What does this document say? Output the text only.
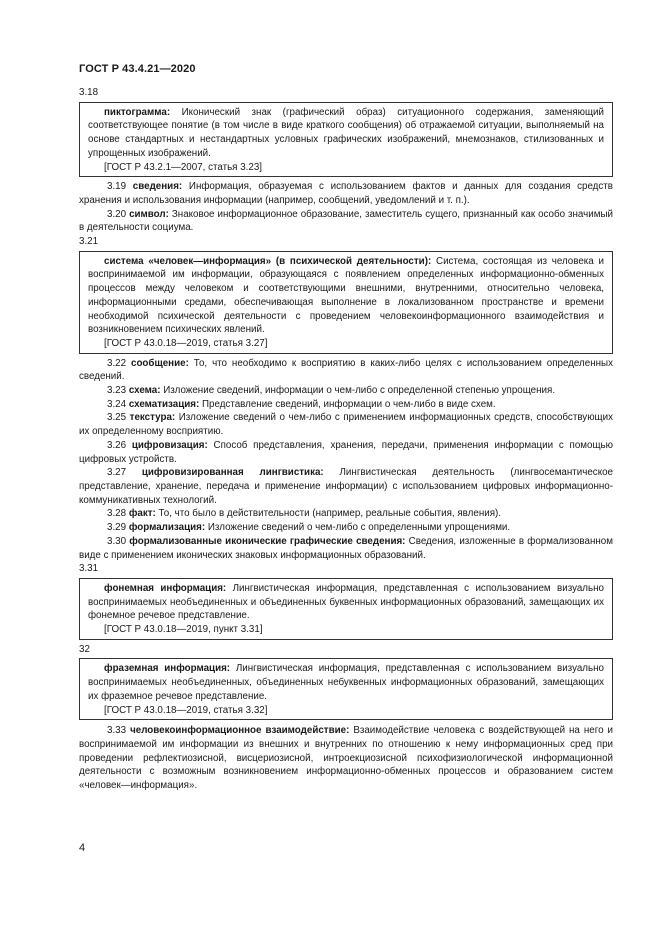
ГОСТ Р 43.4.21—2020

3.18

пиктограмма: Иконический знак (графический образ) ситуационного содержания, заменяющий соответствующее понятие (в том числе в виде краткого сообщения) об отражаемой ситуации, выполняемый на основе стандартных и нестандартных условных графических изображений, мнемознаков, стилизованных и упрощенных изображений.

[ГОСТ Р 43.2.1—2007, статья 3.23]

3.19 сведения: Информация, образуемая с использованием фактов и данных для создания средств хранения и использования информации (например, сообщений, уведомлений и т. п.).

3.20 символ: Знаковое информационное образование, заместитель сущего, признанный как особо значимый в деятельности социума.

3.21

система «человек—информация» (в психической деятельности): Система, состоящая из человека и воспринимаемой им информации, образующаяся с появлением определенных информационно-обменных процессов между человеком и соответствующими внешними, внутренними, относительно человека, информационными средами, обеспечивающая выполнение в локализованном пространстве и времени необходимой психической деятельности с проведением человекоинформационного взаимодействия и возникновением психических явлений.

[ГОСТ Р 43.0.18—2019, статья 3.27]

3.22 сообщение: То, что необходимо к восприятию в каких-либо целях с использованием определенных сведений.

3.23 схема: Изложение сведений, информации о чем-либо с определенной степенью упрощения.

3.24 схематизация: Представление сведений, информации о чем-либо в виде схем.

3.25 текстура: Изложение сведений о чем-либо с применением информационных средств, способствующих их определенному восприятию.

3.26 цифровизация: Способ представления, хранения, передачи, применения информации с помощью цифровых устройств.

3.27 цифровизированная лингвистика: Лингвистическая деятельность (лингвосемантическое представление, хранение, передача и применение информации) с использованием цифровых информационно-коммуникативных технологий.

3.28 факт: То, что было в действительности (например, реальные события, явления).

3.29 формализация: Изложение сведений о чем-либо с определенными упрощениями.

3.30 формализованные иконические графические сведения: Сведения, изложенные в формализованном виде с применением иконических знаковых информационных образований.

3.31

фонемная информация: Лингвистическая информация, представленная с использованием визуально воспринимаемых необъединенных и объединенных буквенных информационных образований, замещающих их фонемное речевое представление.

[ГОСТ Р 43.0.18—2019, пункт 3.31]

32

фраземная информация: Лингвистическая информация, представленная с использованием визуально воспринимаемых необъединенных, объединенных небуквенных информационных образований, замещающих их фраземное речевое представление.

[ГОСТ Р 43.0.18—2019, статья 3.32]

3.33 человекоинформационное взаимодействие: Взаимодействие человека с воздействующей на него и воспринимаемой им информации из внешних и внутренних по отношению к нему информационных сред при проведении рефлектиозисной, висцериозисной, интроекциозисной психофизиологической информационной деятельности с возможным возникновением информационно-обменных процессов и образованием систем «человек—информация».

4
